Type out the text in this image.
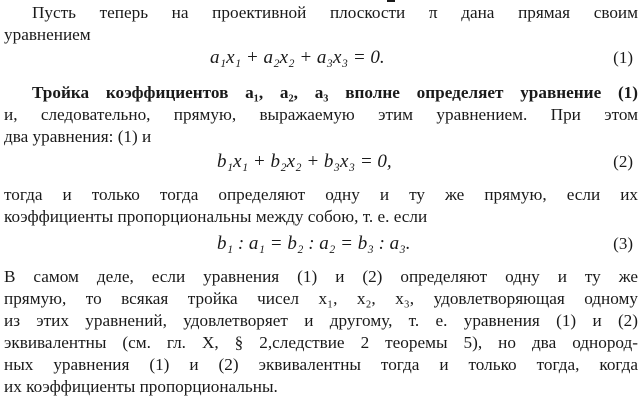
Пусть теперь на проективной плоскости π дана прямая своим
уравнением
a₁x₁ + a₂x₂ + a₃x₃ = 0.	(1)
Тройка коэффициентов a₁, a₂, a₃ вполне определяет уравнение (1)
и, следовательно, прямую, выражаемую этим уравнением. При этом
два уравнения: (1) и
b₁x₁ + b₂x₂ + b₃x₃ = 0,	(2)
тогда и только тогда определяют одну и ту же прямую, если их
коэффициенты пропорциональны между собою, т. е. если
b₁ : a₁ = b₂ : a₂ = b₃ : a₃.	(3)
В самом деле, если уравнения (1) и (2) определяют одну и ту же
прямую, то всякая тройка чисел x₁, x₂, x₃, удовлетворяющая одному
из этих уравнений, удовлетворяет и другому, т. е. уравнения (1) и (2)
эквивалентны (см. гл. X, § 2,следствие 2 теоремы 5), но два однород-
ных уравнения (1) и (2) эквивалентны тогда и только тогда, когда
их коэффициенты пропорциональны.
